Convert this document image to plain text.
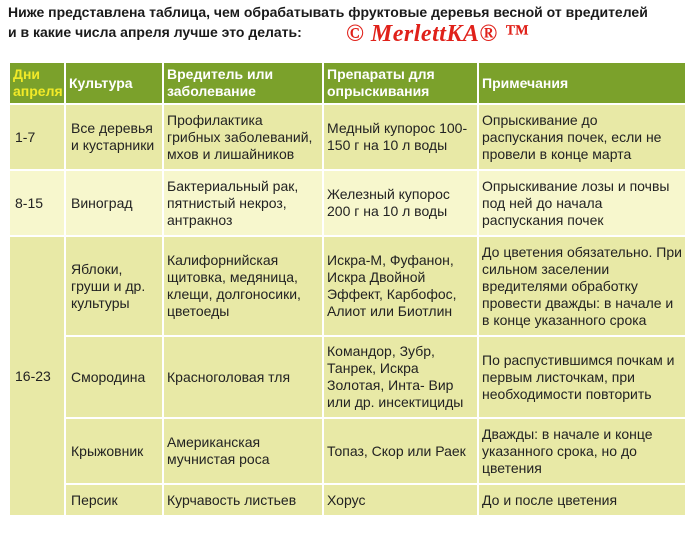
Ниже представлена таблица, чем обрабатывать фруктовые деревья весной от вредителей
и в какие числа апреля лучше это делать:	© MerlettKA® ™
Дни апреля	Культура	Вредитель или заболевание	Препараты для опрыскивания	Примечания
1-7	Все деревья и кустарники	Профилактика грибных заболеваний, мхов и лишайников	Медный купорос 100-150 г на 10 л воды	Опрыскивание до распускания почек, если не провели в конце марта
8-15	Виноград	Бактериальный рак, пятнистый некроз, антракноз	Железный купорос 200 г на 10 л воды	Опрыскивание лозы и почвы под ней до начала распускания почек
16-23	Яблоки, груши и др. культуры	Калифорнийская щитовка, медяница, клещи, долгоносики, цветоеды	Искра-М, Фуфанон, Искра Двойной Эффект, Карбофос, Алиот или Биотлин	До цветения обязательно. При сильном заселении вредителями обработку провести дважды: в начале и в конце указанного срока
	Смородина	Красноголовая тля	Командор, Зубр, Танрек, Искра Золотая, Инта- Вир или др. инсектициды	По распустившимся почкам и первым листочкам, при необходимости повторить
	Крыжовник	Американская мучнистая роса	Топаз, Скор или Раек	Дважды: в начале и конце указанного срока, но до цветения
	Персик	Курчавость листьев	Хорус	До и после цветения
